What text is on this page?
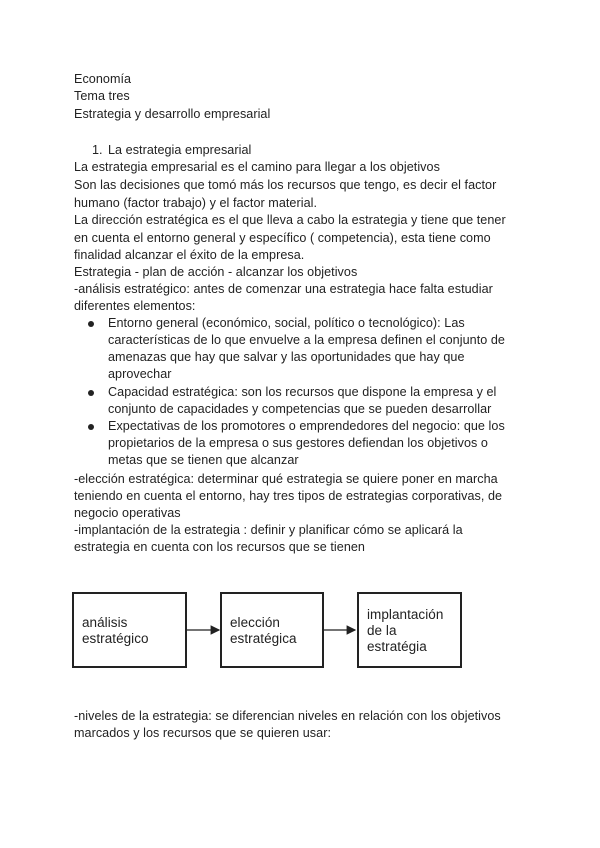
Economía
Tema tres
Estrategia y desarrollo empresarial
1. La estrategia empresarial
La estrategia empresarial es el camino para llegar a los objetivos
Son las decisiones que tomó más los recursos que tengo, es decir el factor
humano (factor trabajo) y el factor material.
La dirección estratégica es el que lleva a cabo la estrategia y tiene que tener
en cuenta el entorno general y específico ( competencia), esta tiene como
finalidad alcanzar el éxito de la empresa.
Estrategia - plan de acción - alcanzar los objetivos
-análisis estratégico: antes de comenzar una estrategia hace falta estudiar
diferentes elementos:
Entorno general (económico, social, político o tecnológico): Las
características de lo que envuelve a la empresa definen el conjunto de
amenazas que hay que salvar y las oportunidades que hay que
aprovechar
Capacidad estratégica: son los recursos que dispone la empresa y el
conjunto de capacidades y competencias que se pueden desarrollar
Expectativas de los promotores o emprendedores del negocio: que los
propietarios de la empresa o sus gestores defiendan los objetivos o
metas que se tienen que alcanzar
-elección estratégica: determinar qué estrategia se quiere poner en marcha
teniendo en cuenta el entorno, hay tres tipos de estrategias corporativas, de
negocio operativas
-implantación de la estrategia : definir y planificar cómo se aplicará la
estrategia en cuenta con los recursos que se tienen
análisis
estratégico
elección
estratégica
implantación
de la
estratégia
-niveles de la estrategia: se diferencian niveles en relación con los objetivos
marcados y los recursos que se quieren usar:
